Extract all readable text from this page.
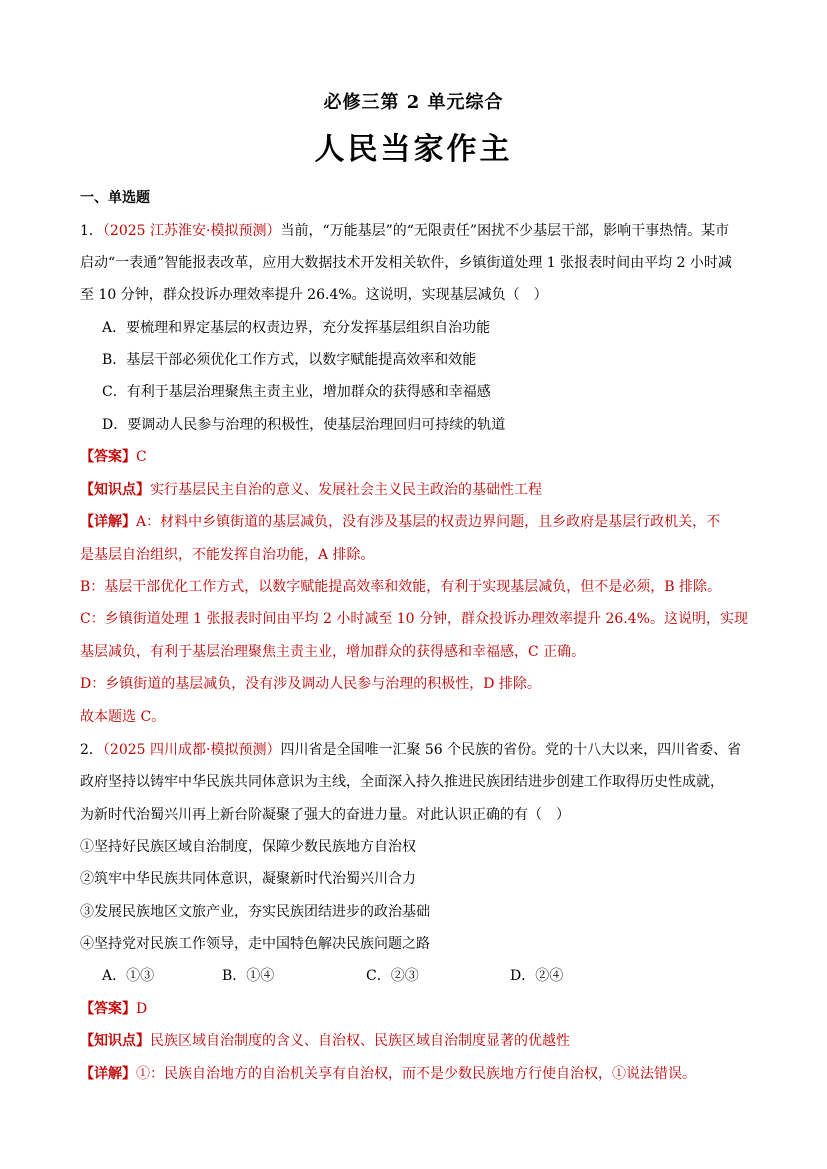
必修三第 2 单元综合
人民当家作主
一、单选题
1．（2025 江苏淮安·模拟预测）当前，“万能基层”的“无限责任”困扰不少基层干部，影响干事热情。某市
启动“一表通”智能报表改革，应用大数据技术开发相关软件，乡镇街道处理 1 张报表时间由平均 2 小时减
至 10 分钟，群众投诉办理效率提升 26.4%。这说明，实现基层减负（　）
A．要梳理和界定基层的权责边界，充分发挥基层组织自治功能
B．基层干部必须优化工作方式，以数字赋能提高效率和效能
C．有利于基层治理聚焦主责主业，增加群众的获得感和幸福感
D．要调动人民参与治理的积极性，使基层治理回归可持续的轨道
【答案】C
【知识点】实行基层民主自治的意义、发展社会主义民主政治的基础性工程
【详解】A：材料中乡镇街道的基层减负，没有涉及基层的权责边界问题，且乡政府是基层行政机关，不
是基层自治组织，不能发挥自治功能，A 排除。
B：基层干部优化工作方式，以数字赋能提高效率和效能，有利于实现基层减负，但不是必须，B 排除。
C：乡镇街道处理 1 张报表时间由平均 2 小时减至 10 分钟，群众投诉办理效率提升 26.4%。这说明，实现
基层减负，有利于基层治理聚焦主责主业，增加群众的获得感和幸福感，C 正确。
D：乡镇街道的基层减负，没有涉及调动人民参与治理的积极性，D 排除。
故本题选 C。
2．（2025 四川成都·模拟预测）四川省是全国唯一汇聚 56 个民族的省份。党的十八大以来，四川省委、省
政府坚持以铸牢中华民族共同体意识为主线，全面深入持久推进民族团结进步创建工作取得历史性成就，
为新时代治蜀兴川再上新台阶凝聚了强大的奋进力量。对此认识正确的有（　）
①坚持好民族区域自治制度，保障少数民族地方自治权
②筑牢中华民族共同体意识，凝聚新时代治蜀兴川合力
③发展民族地区文旅产业，夯实民族团结进步的政治基础
④坚持党对民族工作领导，走中国特色解决民族问题之路
A．①③	B．①④	C．②③	D．②④
【答案】D
【知识点】民族区域自治制度的含义、自治权、民族区域自治制度显著的优越性
【详解】①：民族自治地方的自治机关享有自治权，而不是少数民族地方行使自治权，①说法错误。
